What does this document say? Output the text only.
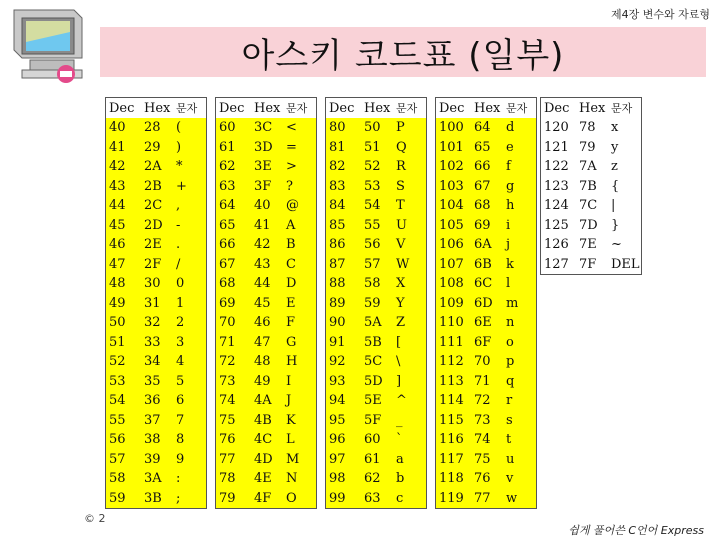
제4장 변수와 자료형
아스키 코드표 (일부)
Dec	Hex	문자
40	28	(
41	29	)
42	2A	*
43	2B	+
44	2C	,
45	2D	-
46	2E	.
47	2F	/
48	30	0
49	31	1
50	32	2
51	33	3
52	34	4
53	35	5
54	36	6
55	37	7
56	38	8
57	39	9
58	3A	:
59	3B	;
Dec	Hex	문자
60	3C	<
61	3D	=
62	3E	>
63	3F	?
64	40	@
65	41	A
66	42	B
67	43	C
68	44	D
69	45	E
70	46	F
71	47	G
72	48	H
73	49	I
74	4A	J
75	4B	K
76	4C	L
77	4D	M
78	4E	N
79	4F	O
Dec	Hex	문자
80	50	P
81	51	Q
82	52	R
83	53	S
84	54	T
85	55	U
86	56	V
87	57	W
88	58	X
89	59	Y
90	5A	Z
91	5B	[
92	5C	\
93	5D	]
94	5E	^
95	5F	_
96	60	`
97	61	a
98	62	b
99	63	c
Dec	Hex	문자
100	64	d
101	65	e
102	66	f
103	67	g
104	68	h
105	69	i
106	6A	j
107	6B	k
108	6C	l
109	6D	m
110	6E	n
111	6F	o
112	70	p
113	71	q
114	72	r
115	73	s
116	74	t
117	75	u
118	76	v
119	77	w
Dec	Hex	문자
120	78	x
121	79	y
122	7A	z
123	7B	{
124	7C	|
125	7D	}
126	7E	~
127	7F	DEL
© 2
쉽게 풀어쓴 C언어 Express
